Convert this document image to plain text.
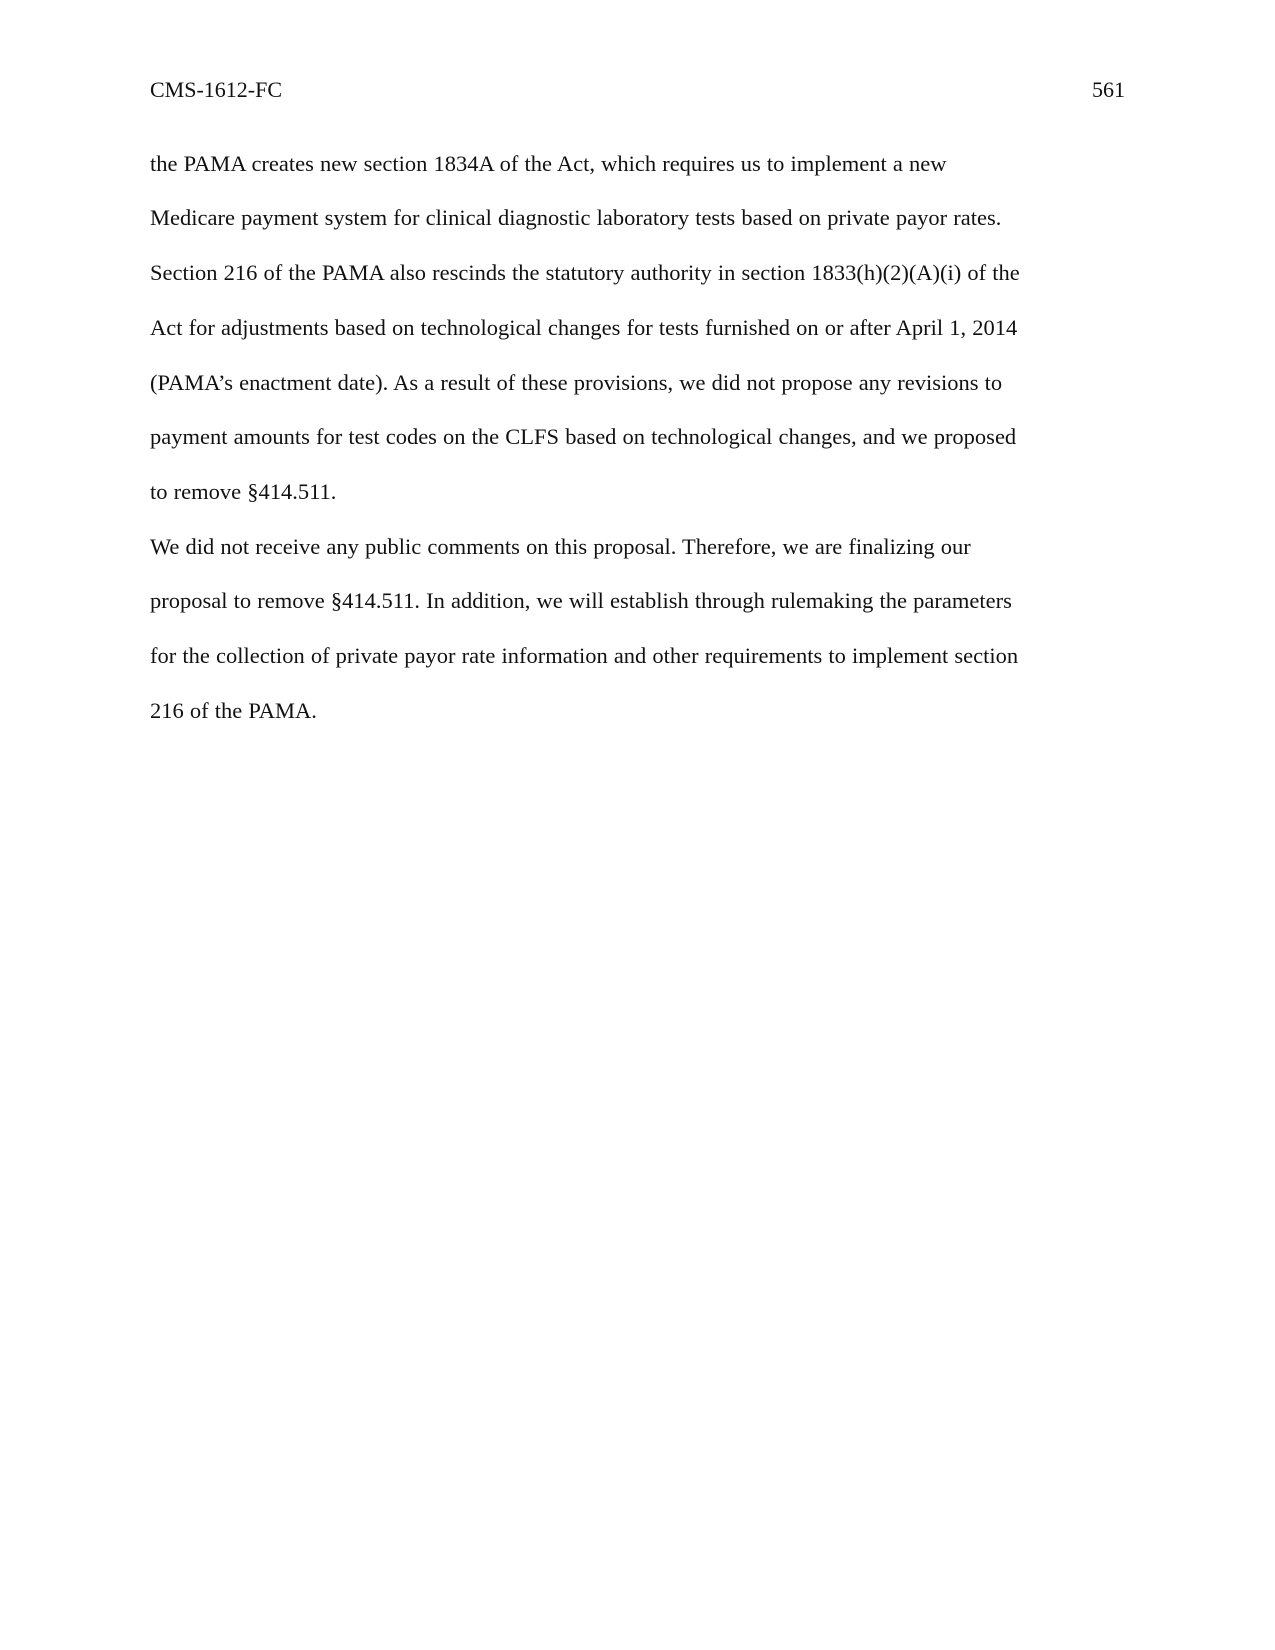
CMS-1612-FC	561
the PAMA creates new section 1834A of the Act, which requires us to implement a new
Medicare payment system for clinical diagnostic laboratory tests based on private payor rates.
Section 216 of the PAMA also rescinds the statutory authority in section 1833(h)(2)(A)(i) of the
Act for adjustments based on technological changes for tests furnished on or after April 1, 2014
(PAMA’s enactment date). As a result of these provisions, we did not propose any revisions to
payment amounts for test codes on the CLFS based on technological changes, and we proposed
to remove §414.511.
We did not receive any public comments on this proposal. Therefore, we are finalizing our
proposal to remove §414.511. In addition, we will establish through rulemaking the parameters
for the collection of private payor rate information and other requirements to implement section
216 of the PAMA.
